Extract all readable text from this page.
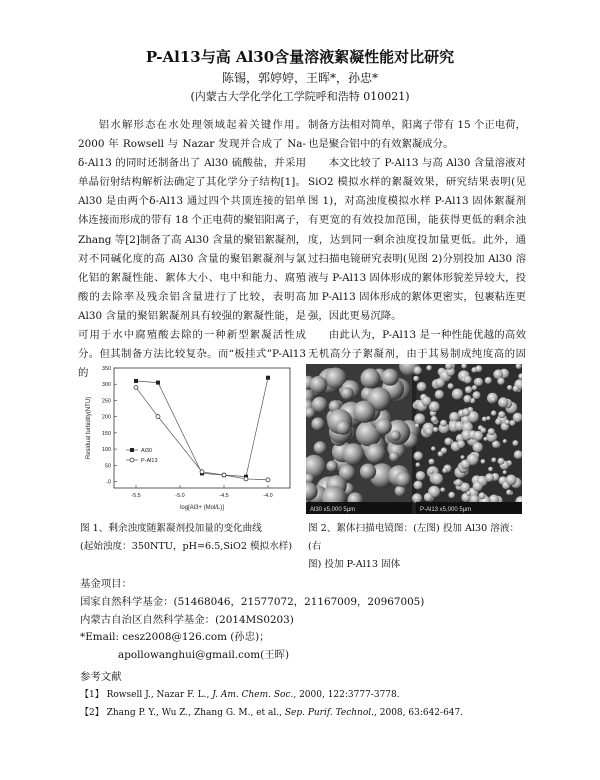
P-Al13与高 Al30含量溶液絮凝性能对比研究
陈锡，郭婷婷，王晖*，孙忠*
(内蒙古大学化学化工学院呼和浩特 010021)

铝水解形态在水处理领域起着关键作用。2000 年 Rowsell 与 Nazar 发现并合成了 Na-δ-Al13 的同时还制备出了 Al30 硫酸盐，并采用单晶衍射结构解析法确定了其化学分子结构[1]。Al30 是由两个δ-Al13 通过四个共顶连接的铝单体连接而形成的带有 18 个正电荷的聚铝阳离子，Zhang 等[2]制备了高 Al30 含量的聚铝絮凝剂，对不同碱化度的高 Al30 含量的聚铝絮凝剂与氯化铝的絮凝性能、絮体大小、电中和能力、腐殖酸的去除率及残余铝含量进行了比较，表明高 Al30 含量的聚铝絮凝剂具有较强的絮凝性能，是可用于水中腐殖酸去除的一种新型絮凝活性成分。但其制备方法比较复杂。而“板挂式”P-Al13 的

制备方法相对简单，阳离子带有 15 个正电荷，也是聚合铝中的有效絮凝成分。

本文比较了 P-Al13 与高 Al30 含量溶液对 SiO2 模拟水样的絮凝效果，研究结果表明(见图 1)，对高浊度模拟水样 P-Al13 固体絮凝剂有更宽的有效投加范围，能获得更低的剩余浊度，达到同一剩余浊度投加量更低。此外，通过扫描电镜研究表明(见图 2)分别投加 Al30 溶液与 P-Al13 固体形成的絮体形貌差异较大，投加 P-Al13 固体形成的絮体更密实，包裹粘连更强，因此更易沉降。

由此认为，P-Al13 是一种性能优越的高效无机高分子絮凝剂，由于其易制成纯度高的固

-0
50
100
150
200
250
300
350
-5.5	-5.0	-4.5	-4.0
log[Al3+ (Mol/L)]
Residual turbidity(NTU)	Al30
P-Al13
Al30 x5,000 5μm	P-Al13 x5,000 5μm
图 1、剩余浊度随絮凝剂投加量的变化曲线
(起始浊度：350NTU，pH=6.5,SiO2 模拟水样)
图 2、絮体扫描电镜图：(左图) 投加 Al30 溶液：(右
图) 投加 P-Al13 固体
基金项目：
国家自然科学基金：(51468046，21577072，21167009，20967005)
内蒙古自治区自然科学基金：(2014MS0203)
*Email: cesz2008@126.com (孙忠)；
apollowanghui@gmail.com(王晖)
参考文献
【1】 Rowsell J., Nazar F. L., J. Am. Chem. Soc., 2000, 122:3777-3778.
【2】 Zhang P. Y., Wu Z., Zhang G. M., et al., Sep. Purif. Technol., 2008, 63:642-647.
